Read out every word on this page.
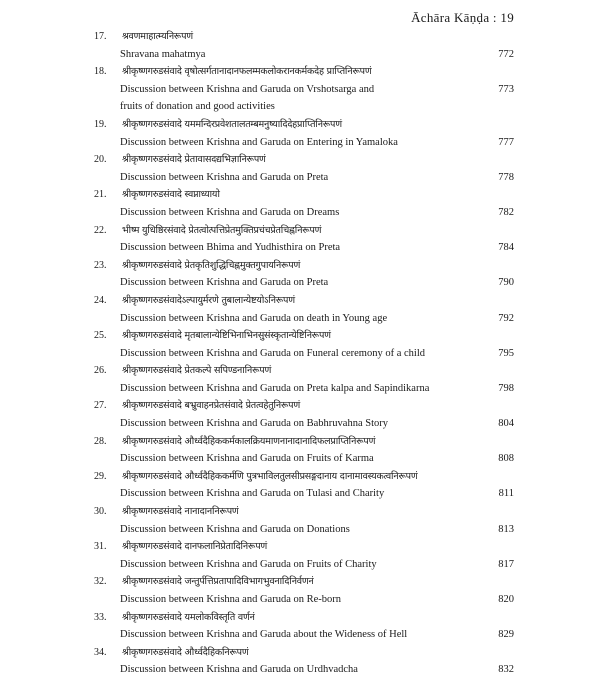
Āchāra Kāṇḍa : 19
17.	श्रवणमाहात्म्यनिरूपणं
Shravana mahatmya	772
18.	श्रीकृष्णगरुडसंवादे वृषोत्सर्गतानादानफलम्मकलोकरानकर्मकदेह प्राप्तिनिरूपणं
Discussion between Krishna and Garuda on Vrshotsarga and	773
fruits of donation and good activities
19.	श्रीकृष्णगरुडसंवादे यममन्दिरप्रवेशतालतम्बमनुष्यादिदेहप्राप्तिनिरूपणं
Discussion between Krishna and Garuda on Entering in Yamaloka	777
20.	श्रीकृष्णगरुडसंवादे प्रेतावासदद्यभिज्ञानिरूपणं
Discussion between Krishna and Garuda on Preta	778
21.	श्रीकृष्णगरुडसंवादे स्वप्नाध्यायो
Discussion between Krishna and Garuda on Dreams	782
22.	भीष्म युधिष्ठिरसंवादे प्रेतत्वोत्पत्तिप्रेतमुक्तिप्रचंचप्रेतचिह्ननिरूपणं
Discussion between Bhima and Yudhisthira on Preta	784
23.	श्रीकृष्णगरुडसंवादे प्रेतकृतिशुद्धिचिह्नमुक्तगुपायनिरूपणं
Discussion between Krishna and Garuda on Preta	790
24.	श्रीकृष्णगरुडसंवादेऽल्पायुर्मरणे तुबालान्येष्टयोऽनिरूपणं
Discussion between Krishna and Garuda on death in Young age	792
25.	श्रीकृष्णगरुडसंवादे मृतबालान्येष्टिभिनाभिनसुसंस्कृतान्येष्टिनिरूपणं
Discussion between Krishna and Garuda on Funeral ceremony of a child	795
26.	श्रीकृष्णगरुडसंवादे प्रेतकल्पे सपिण्डनानिरूपणं
Discussion between Krishna and Garuda on Preta kalpa and Sapindikarna	798
27.	श्रीकृष्णगरुडसंवादे बभ्रुवाहनप्रेतसंवादे प्रेतत्वहेतुनिरूपणं
Discussion between Krishna and Garuda on Babhruvahna Story	804
28.	श्रीकृष्णगरुडसंवादे और्ध्वदैहिककर्मकालक्रियमाणनानादानादिफलप्राप्तिनिरूपणं
Discussion between Krishna and Garuda on Fruits of Karma	808
29.	श्रीकृष्णगरुडसंवादे और्ध्वदैहिककर्मणि पुत्रभाविलतुलसीप्रसङ्गदानाय दानामावस्यकत्वनिरूपणं
Discussion between Krishna and Garuda on Tulasi and Charity	811
30.	श्रीकृष्णगरुडसंवादे नानादाननिरूपणं
Discussion between Krishna and Garuda on Donations	813
31.	श्रीकृष्णगरुडसंवादे दानफलानिप्रेतादिनिरूपणं
Discussion between Krishna and Garuda on Fruits of Charity	817
32.	श्रीकृष्णगरुडसंवादे जन्तुर्पत्तिप्रतापादिविभागभुवनादिनिर्वणनं
Discussion between Krishna and Garuda on Re-born	820
33.	श्रीकृष्णगरुडसंवादे यमलोकविस्तृति वर्णनं
Discussion between Krishna and Garuda about the Wideness of Hell	829
34.	श्रीकृष्णगरुडसंवादे और्ध्वदैहिकनिरूपणं
Discussion between Krishna and Garuda on Urdhvadcha	832
